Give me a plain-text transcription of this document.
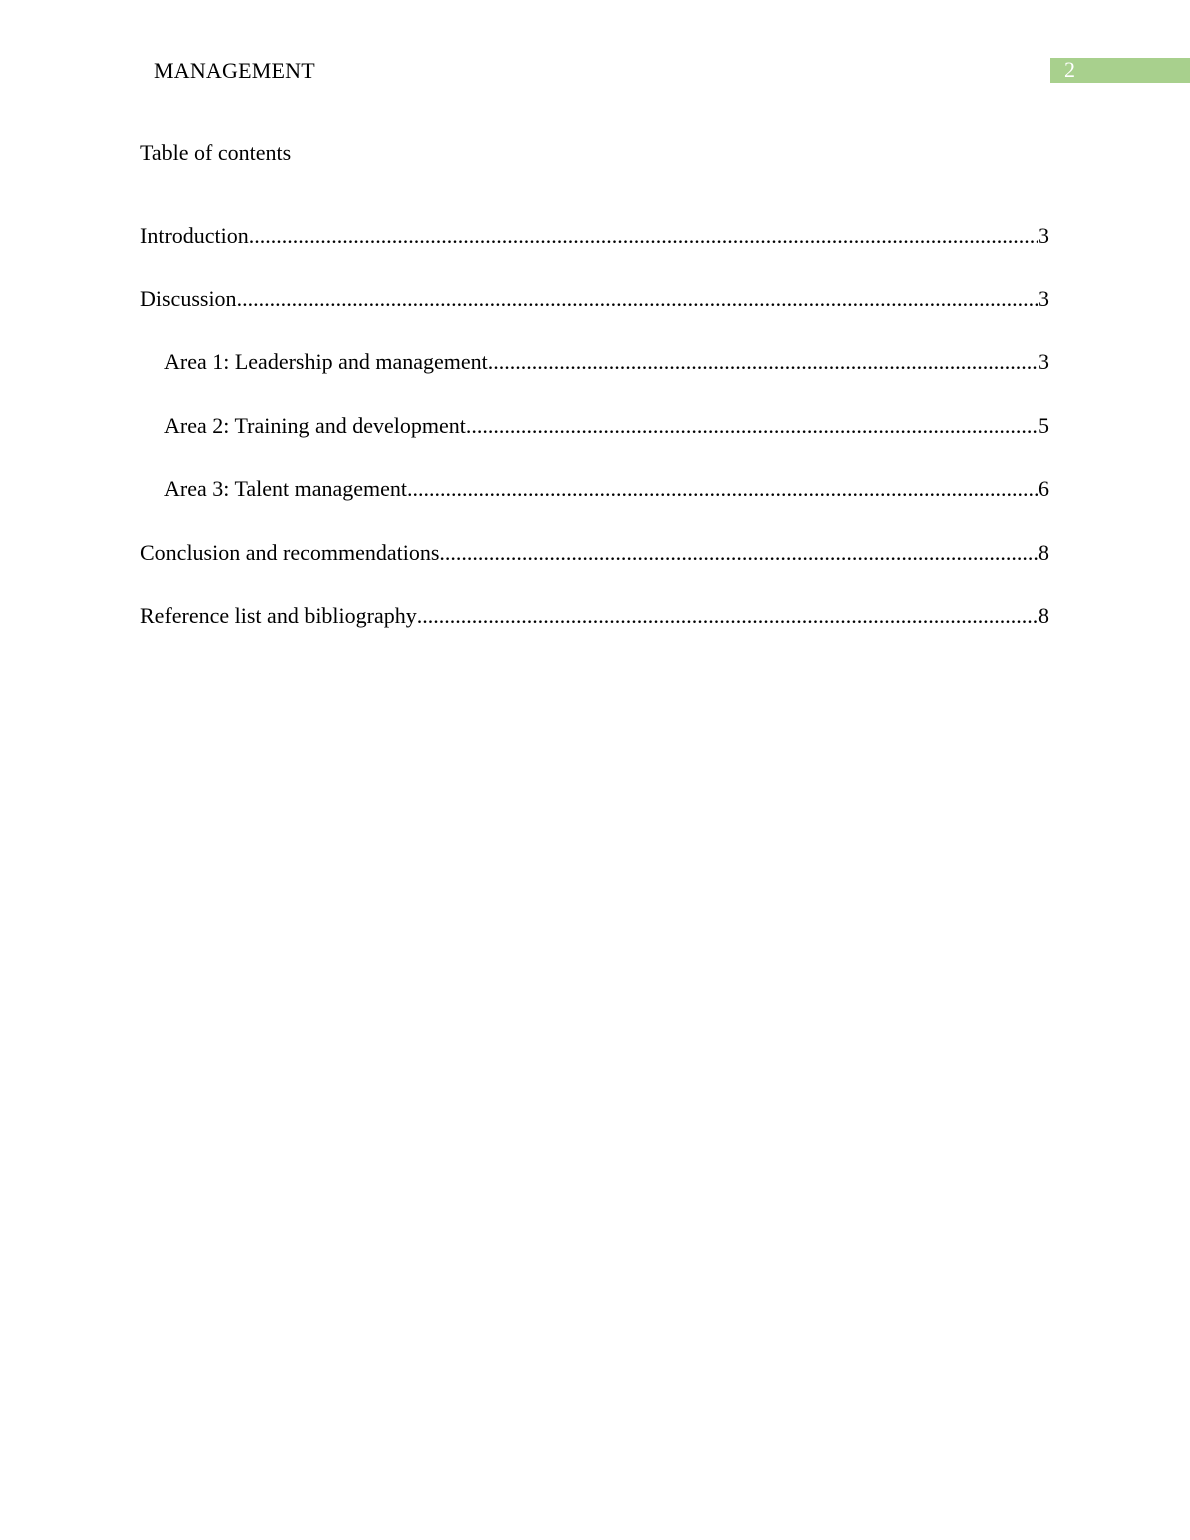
MANAGEMENT	2
Table of contents
Introduction .....	3
Discussion .....	3
Area 1: Leadership and management .....	3
Area 2: Training and development .....	5
Area 3: Talent management .....	6
Conclusion and recommendations .....	8
Reference list and bibliography .....	8
